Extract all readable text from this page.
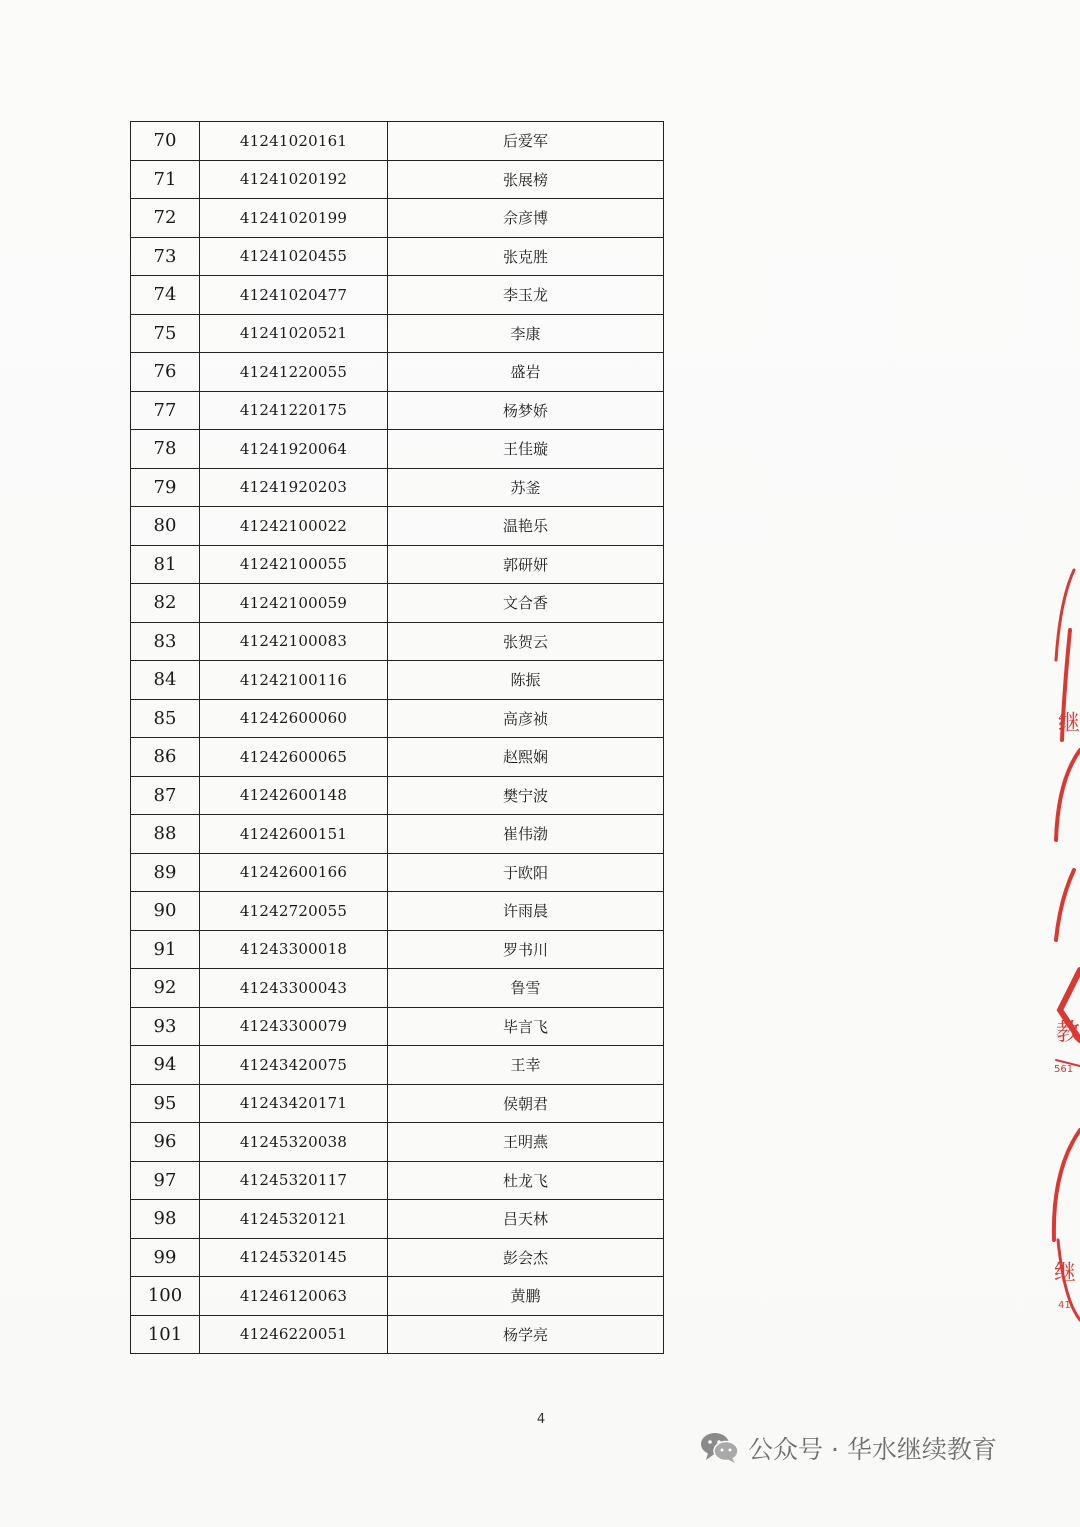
70	41241020161	后爱军
71	41241020192	张展榜
72	41241020199	佘彦博
73	41241020455	张克胜
74	41241020477	李玉龙
75	41241020521	李康
76	41241220055	盛岩
77	41241220175	杨梦娇
78	41241920064	王佳璇
79	41241920203	苏釜
80	41242100022	温艳乐
81	41242100055	郭研妍
82	41242100059	文合香
83	41242100083	张贺云
84	41242100116	陈振
85	41242600060	高彦祯
86	41242600065	赵熙娴
87	41242600148	樊宁波
88	41242600151	崔伟渤
89	41242600166	于欧阳
90	41242720055	许雨晨
91	41243300018	罗书川
92	41243300043	鲁雪
93	41243300079	毕言飞
94	41243420075	王幸
95	41243420171	侯朝君
96	41245320038	王明燕
97	41245320117	杜龙飞
98	41245320121	吕天林
99	41245320145	彭会杰
100	41246120063	黄鹏
101	41246220051	杨学亮
4
继
教
561
继
41
公众号 · 华水继续教育
